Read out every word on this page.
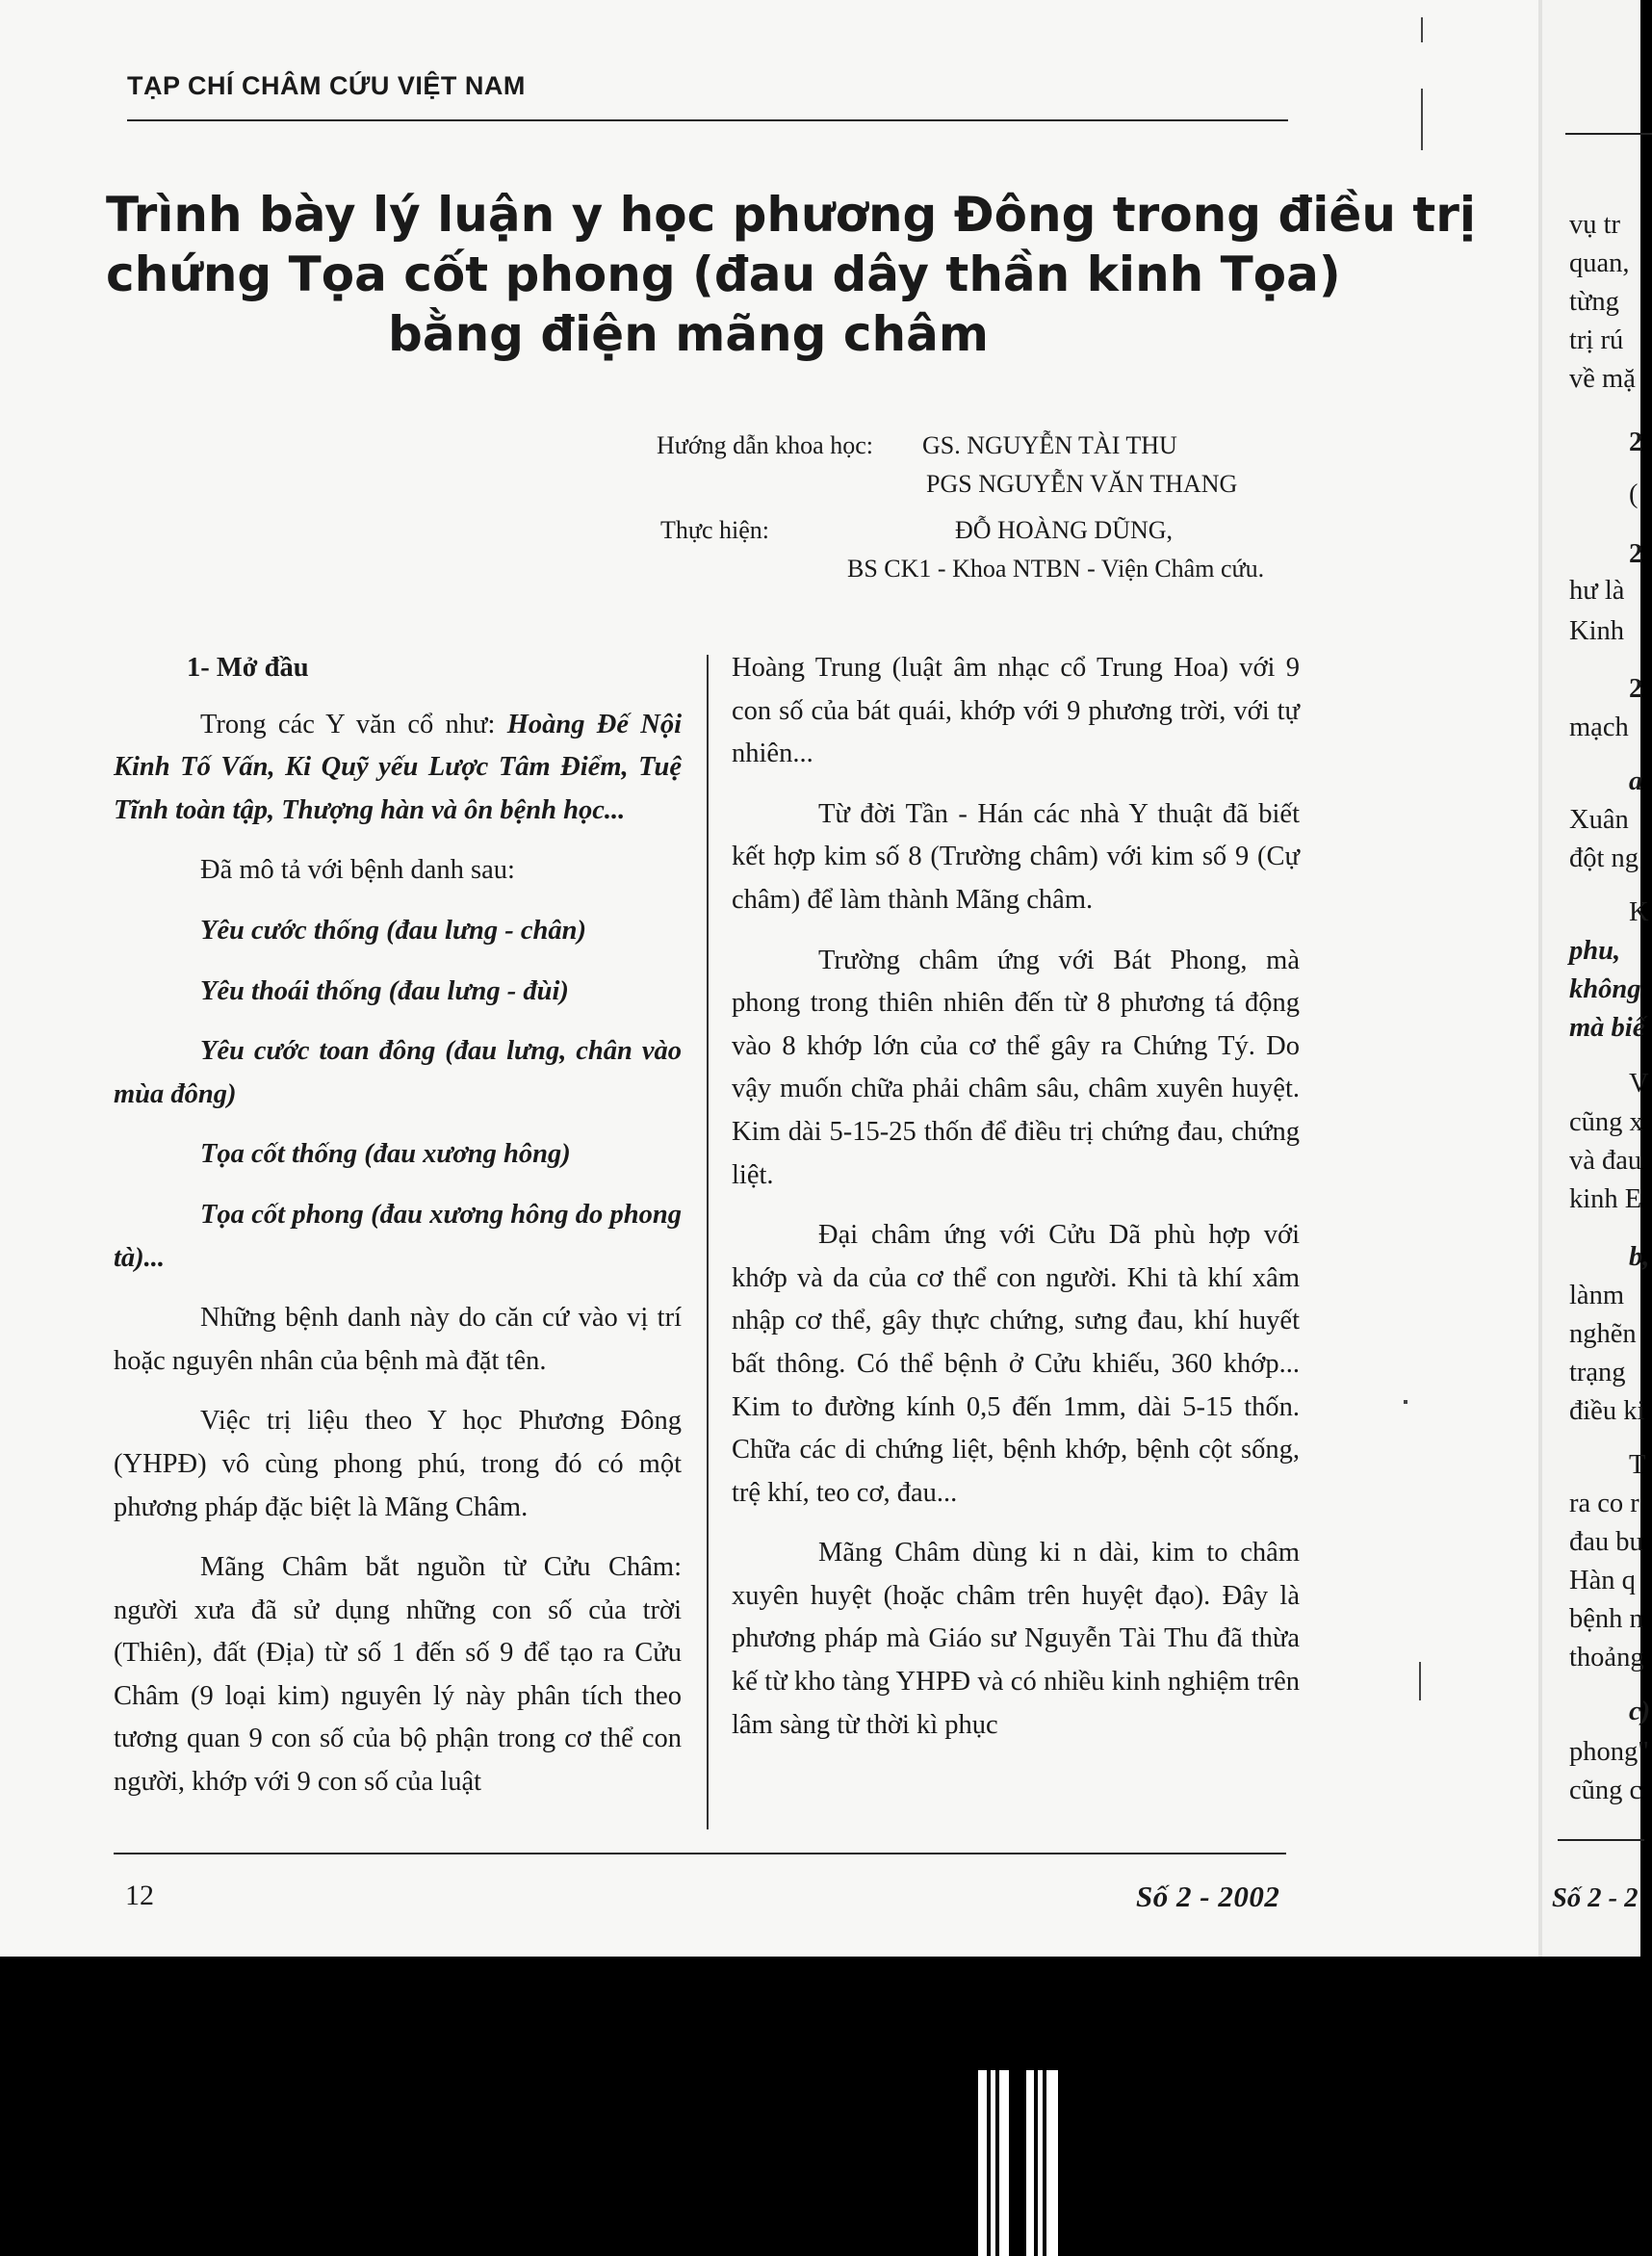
TẠP CHÍ CHÂM CỨU VIỆT NAM
Trình bày lý luận y học phương Đông trong điều trị
chứng Tọa cốt phong (đau dây thần kinh Tọa)
bằng điện mãng châm
Hướng dẫn khoa học: GS. NGUYỄN TÀI THU
PGS NGUYỄN VĂN THANG
Thực hiện:	ĐỖ HOÀNG DŨNG,
BS CK1 - Khoa NTBN - Viện Châm cứu.

1- Mở đầu

Trong các Y văn cổ như: Hoàng Đế Nội Kinh Tố Vấn, Ki Quỹ yếu Lược Tâm Điểm, Tuệ Tĩnh toàn tập, Thượng hàn và ôn bệnh học...

Đã mô tả với bệnh danh sau:

Yêu cước thống (đau lưng - chân)

Yêu thoái thống (đau lưng - đùi)

Yêu cước toan đông (đau lưng, chân vào mùa đông)

Tọa cốt thống (đau xương hông)

Tọa cốt phong (đau xương hông do phong tà)...

Những bệnh danh này do căn cứ vào vị trí hoặc nguyên nhân của bệnh mà đặt tên.

Việc trị liệu theo Y học Phương Đông (YHPĐ) vô cùng phong phú, trong đó có một phương pháp đặc biệt là Mãng Châm.

Mãng Châm bắt nguồn từ Cửu Châm: người xưa đã sử dụng những con số của trời (Thiên), đất (Địa) từ số 1 đến số 9 để tạo ra Cửu Châm (9 loại kim) nguyên lý này phân tích theo tương quan 9 con số của bộ phận trong cơ thể con người, khớp với 9 con số của luật

Hoàng Trung (luật âm nhạc cổ Trung Hoa) với 9 con số của bát quái, khớp với 9 phương trời, với tự nhiên...

Từ đời Tần - Hán các nhà Y thuật đã biết kết hợp kim số 8 (Trường châm) với kim số 9 (Cự châm) để làm thành Mãng châm.

Trường châm ứng với Bát Phong, mà phong trong thiên nhiên đến từ 8 phương tá động vào 8 khớp lớn của cơ thể gây ra Chứng Tý. Do vậy muốn chữa phải châm sâu, châm xuyên huyệt. Kim dài 5-15-25 thốn để điều trị chứng đau, chứng liệt.

Đại châm ứng với Cửu Dã phù hợp với khớp và da của cơ thể con người. Khi tà khí xâm nhập cơ thể, gây thực chứng, sưng đau, khí huyết bất thông. Có thể bệnh ở Cửu khiếu, 360 khớp... Kim to đường kính 0,5 đến 1mm, dài 5-15 thốn. Chữa các di chứng liệt, bệnh khớp, bệnh cột sống, trệ khí, teo cơ, đau...

Mãng Châm dùng ki n dài, kim to châm xuyên huyệt (hoặc châm trên huyệt đạo). Đây là phương pháp mà Giáo sư Nguyễn Tài Thu đã thừa kế từ kho tàng YHPĐ và có nhiều kinh nghiệm trên lâm sàng từ thời kì phục

12	Số 2 - 2002
vụ tr
quan,
từng
trị rú
về mặ
2
(
2
hư là
Kinh
2
mạch
a
Xuân
đột ng
K
phu,
không
mà biế
V
cũng x
và đau
kinh E
b,
lànm
nghẽn
trạng
điều ki
T
ra co r
đau bu
Hàn q
bệnh n
thoảng
c)
phong"
cũng c
Số 2 - 2
